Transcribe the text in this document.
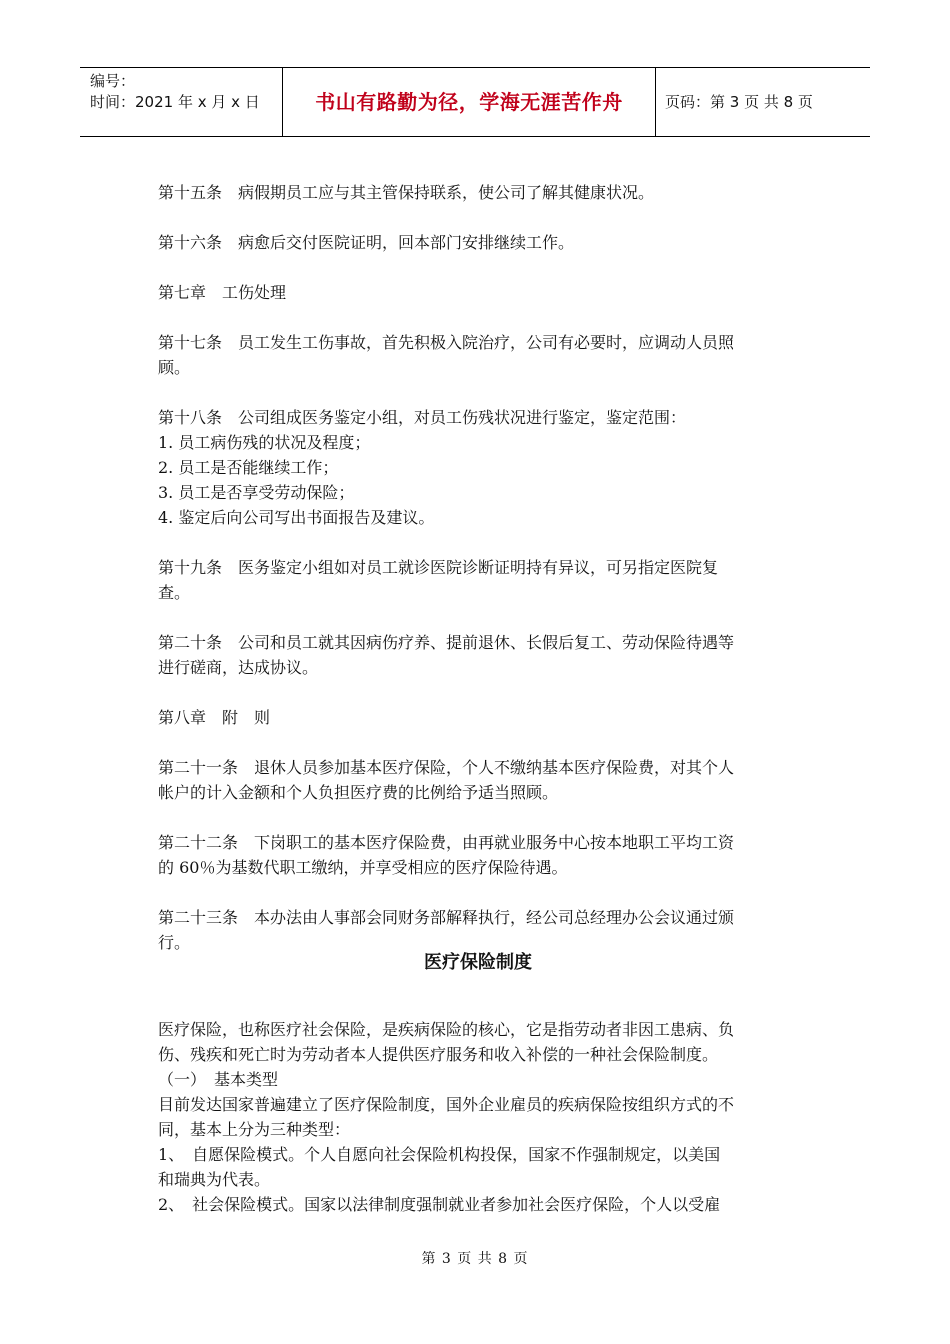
编号：
时间：2021 年 x 月 x 日	书山有路勤为径，学海无涯苦作舟	页码：第 3 页 共 8 页

第十五条　病假期员工应与其主管保持联系，使公司了解其健康状况。

第十六条　病愈后交付医院证明，回本部门安排继续工作。

第七章　工伤处理

第十七条　员工发生工伤事故，首先积极入院治疗，公司有必要时，应调动人员照

顾。

第十八条　公司组成医务鉴定小组，对员工伤残状况进行鉴定，鉴定范围：

1. 员工病伤残的状况及程度；

2. 员工是否能继续工作；

3. 员工是否享受劳动保险；

4. 鉴定后向公司写出书面报告及建议。

第十九条　医务鉴定小组如对员工就诊医院诊断证明持有异议，可另指定医院复

查。

第二十条　公司和员工就其因病伤疗养、提前退休、长假后复工、劳动保险待遇等

进行磋商，达成协议。

第八章　附　则

第二十一条　退休人员参加基本医疗保险，个人不缴纳基本医疗保险费，对其个人

帐户的计入金额和个人负担医疗费的比例给予适当照顾。

第二十二条　下岗职工的基本医疗保险费，由再就业服务中心按本地职工平均工资

的 60％为基数代职工缴纳，并享受相应的医疗保险待遇。

第二十三条　本办法由人事部会同财务部解释执行，经公司总经理办公会议通过颁

行。

医疗保险制度

医疗保险，也称医疗社会保险，是疾病保险的核心，它是指劳动者非因工患病、负

伤、残疾和死亡时为劳动者本人提供医疗服务和收入补偿的一种社会保险制度。

（一）　基本类型

目前发达国家普遍建立了医疗保险制度，国外企业雇员的疾病保险按组织方式的不

同，基本上分为三种类型：

1、　自愿保险模式。个人自愿向社会保险机构投保，国家不作强制规定，以美国

和瑞典为代表。

2、　社会保险模式。国家以法律制度强制就业者参加社会医疗保险，个人以受雇

第 3 页 共 8 页
